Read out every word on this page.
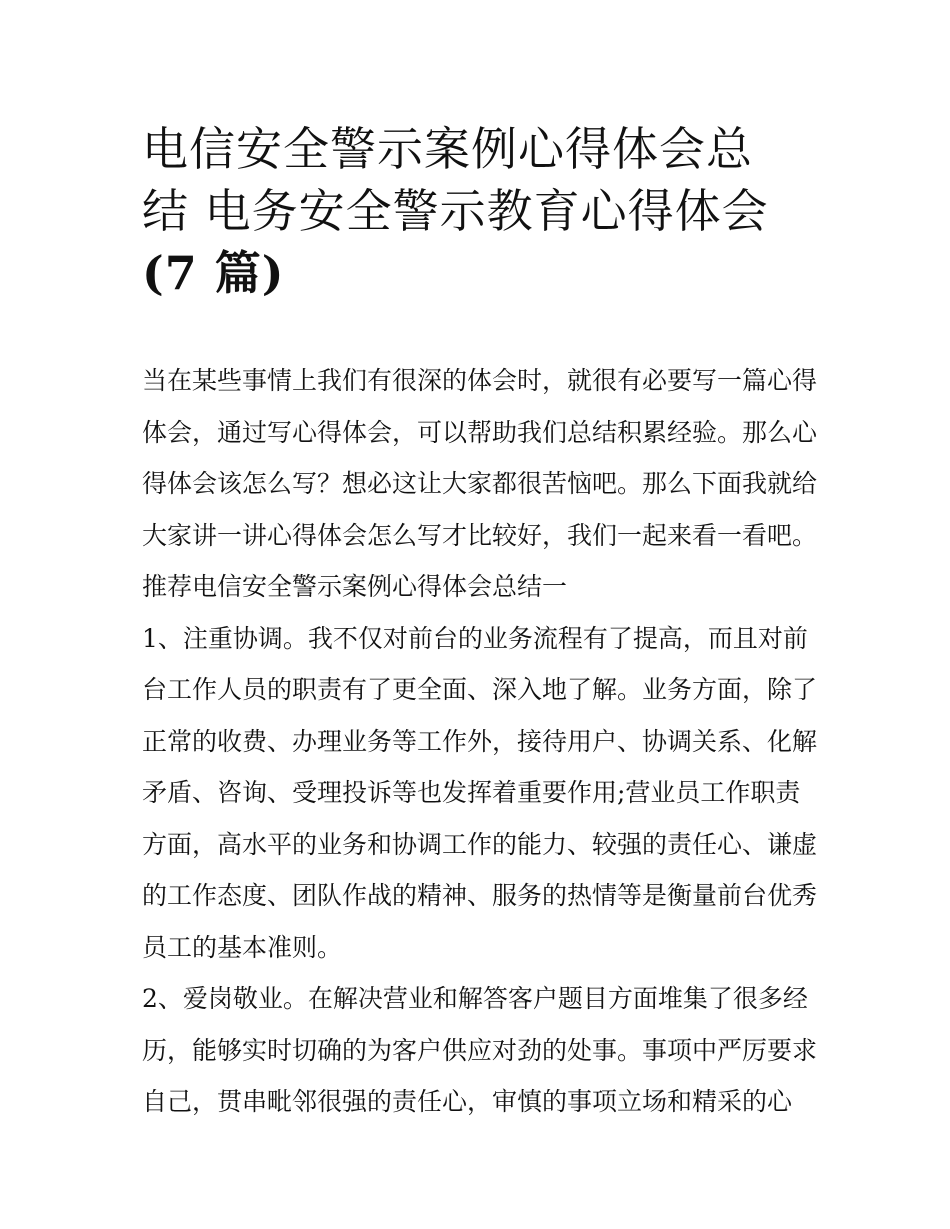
电信安全警示案例心得体会总
结 电务安全警示教育心得体会
(7 篇)
当在某些事情上我们有很深的体会时，就很有必要写一篇心得
体会，通过写心得体会，可以帮助我们总结积累经验。那么心
得体会该怎么写？想必这让大家都很苦恼吧。那么下面我就给
大家讲一讲心得体会怎么写才比较好，我们一起来看一看吧。
推荐电信安全警示案例心得体会总结一
1、注重协调。我不仅对前台的业务流程有了提高，而且对前
台工作人员的职责有了更全面、深入地了解。业务方面，除了
正常的收费、办理业务等工作外，接待用户、协调关系、化解
矛盾、咨询、受理投诉等也发挥着重要作用;营业员工作职责
方面，高水平的业务和协调工作的能力、较强的责任心、谦虚
的工作态度、团队作战的精神、服务的热情等是衡量前台优秀
员工的基本准则。
2、爱岗敬业。在解决营业和解答客户题目方面堆集了很多经
历，能够实时切确的为客户供应对劲的处事。事项中严厉要求
自己，贯串毗邻很强的责任心，审慎的事项立场和精采的心
